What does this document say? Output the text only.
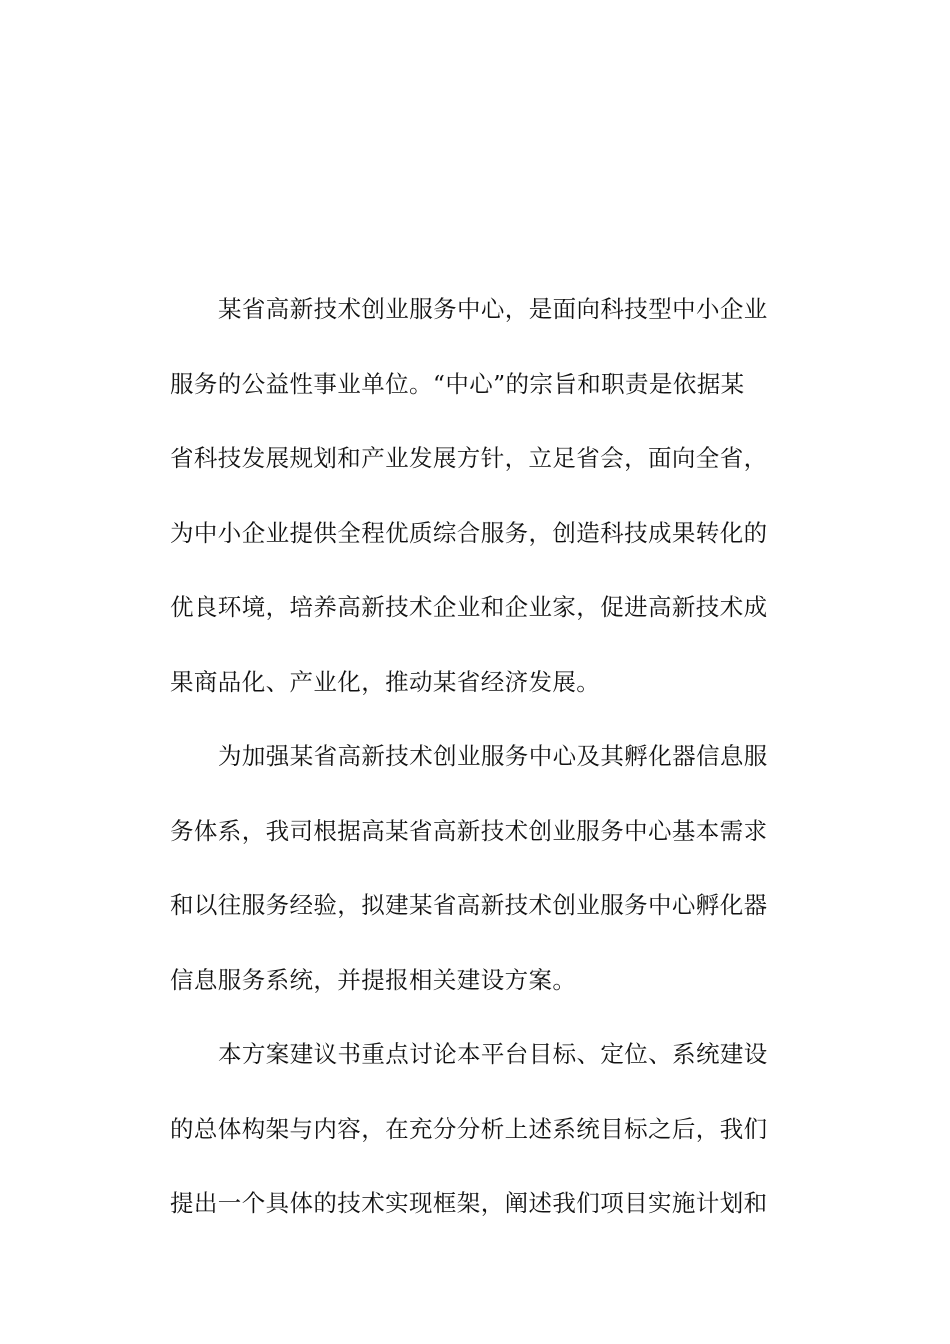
某省高新技术创业服务中心，是面向科技型中小企业
服务的公益性事业单位。“中心”的宗旨和职责是依据某
省科技发展规划和产业发展方针，立足省会，面向全省，
为中小企业提供全程优质综合服务，创造科技成果转化的
优良环境，培养高新技术企业和企业家，促进高新技术成
果商品化、产业化，推动某省经济发展。
为加强某省高新技术创业服务中心及其孵化器信息服
务体系，我司根据高某省高新技术创业服务中心基本需求
和以往服务经验，拟建某省高新技术创业服务中心孵化器
信息服务系统，并提报相关建设方案。
本方案建议书重点讨论本平台目标、定位、系统建设
的总体构架与内容，在充分分析上述系统目标之后，我们
提出一个具体的技术实现框架，阐述我们项目实施计划和
